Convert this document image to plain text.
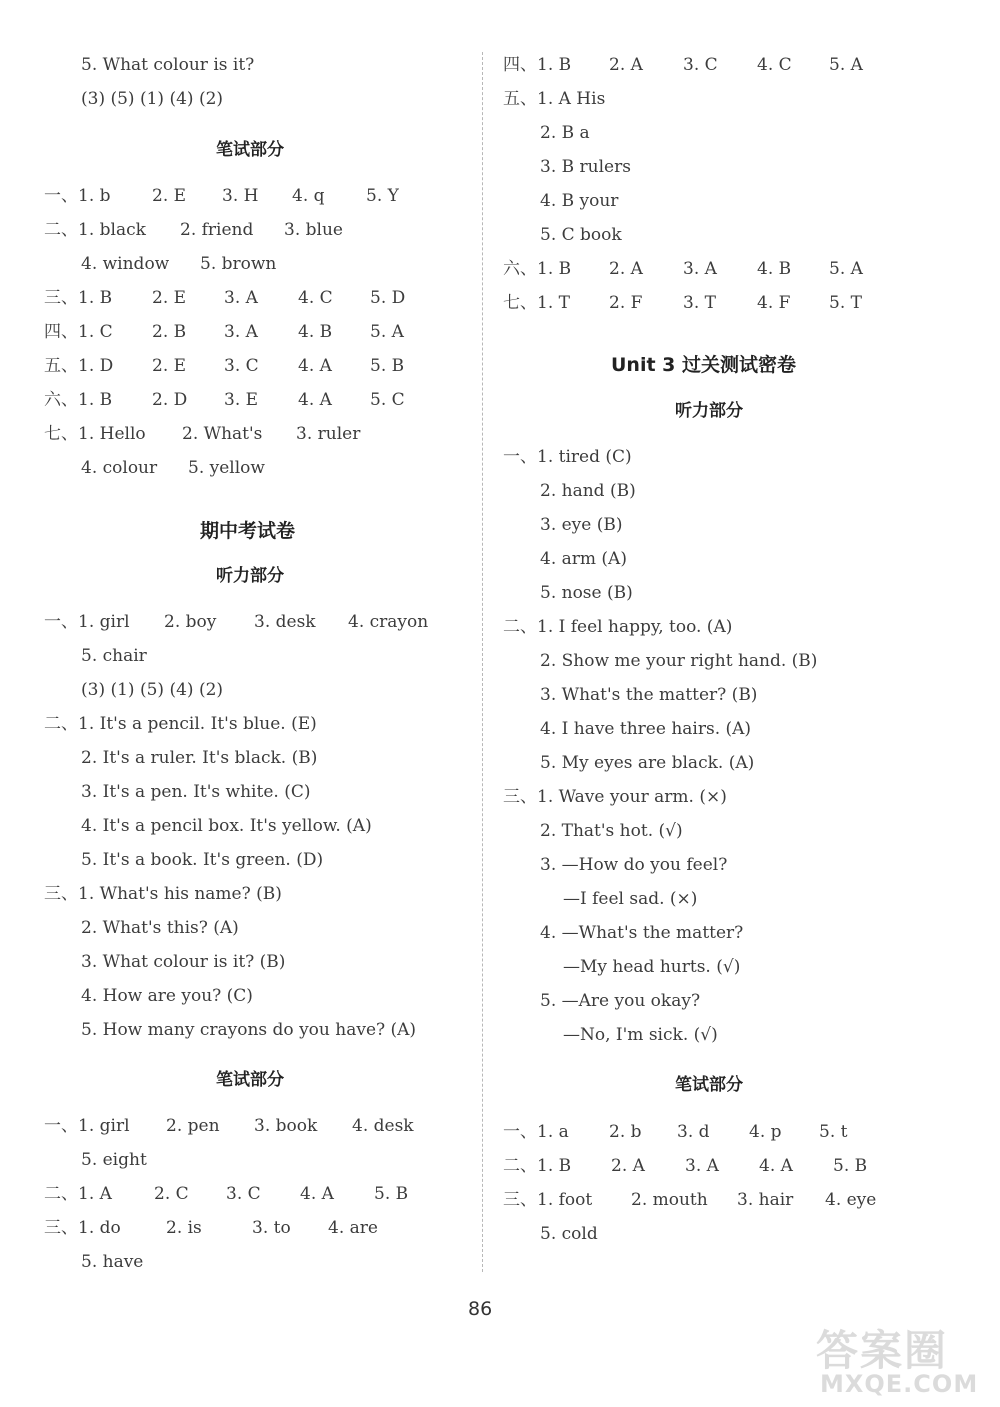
5. What colour is it?
(3) (5) (1) (4) (2)
笔试部分
一、1. b 2. E 3. H 4. q 5. Y
二、1. black 2. friend 3. blue
4. window 5. brown
三、1. B 2. E 3. A 4. C 5. D
四、1. C 2. B 3. A 4. B 5. A
五、1. D 2. E 3. C 4. A 5. B
六、1. B 2. D 3. E 4. A 5. C
七、1. Hello 2. What's 3. ruler
4. colour 5. yellow
期中考试卷
听力部分
一、1. girl 2. boy 3. desk 4. crayon
5. chair
(3) (1) (5) (4) (2)
二、1. It's a pencil. It's blue. (E)
2. It's a ruler. It's black. (B)
3. It's a pen. It's white. (C)
4. It's a pencil box. It's yellow. (A)
5. It's a book. It's green. (D)
三、1. What's his name? (B)
2. What's this? (A)
3. What colour is it? (B)
4. How are you? (C)
5. How many crayons do you have? (A)
笔试部分
一、1. girl 2. pen 3. book 4. desk
5. eight
二、1. A 2. C 3. C 4. A 5. B
三、1. do	2. is	3. to 4. are
5. have
四、1. B 2. A 3. C 4. C 5. A
五、1. A His
2. B a
3. B rulers
4. B your
5. C book
六、1. B 2. A 3. A 4. B 5. A
七、1. T 2. F 3. T 4. F 5. T
Unit 3 过关测试密卷
听力部分
一、1. tired (C)
2. hand (B)
3. eye (B)
4. arm (A)
5. nose (B)
二、1. I feel happy, too. (A)
2. Show me your right hand. (B)
3. What's the matter? (B)
4. I have three hairs. (A)
5. My eyes are black. (A)
三、1. Wave your arm. (×)
2. That's hot. (√)
3. —How do you feel?
—I feel sad. (×)
4. —What's the matter?
—My head hurts. (√)
5. —Are you okay?
—No, I'm sick. (√)
笔试部分
一、1. a 2. b 3. d 4. p 5. t
二、1. B 2. A 3. A 4. A 5. B
三、1. foot 2. mouth 3. hair 4. eye
5. cold
86
答案圈
MXQE.COM
